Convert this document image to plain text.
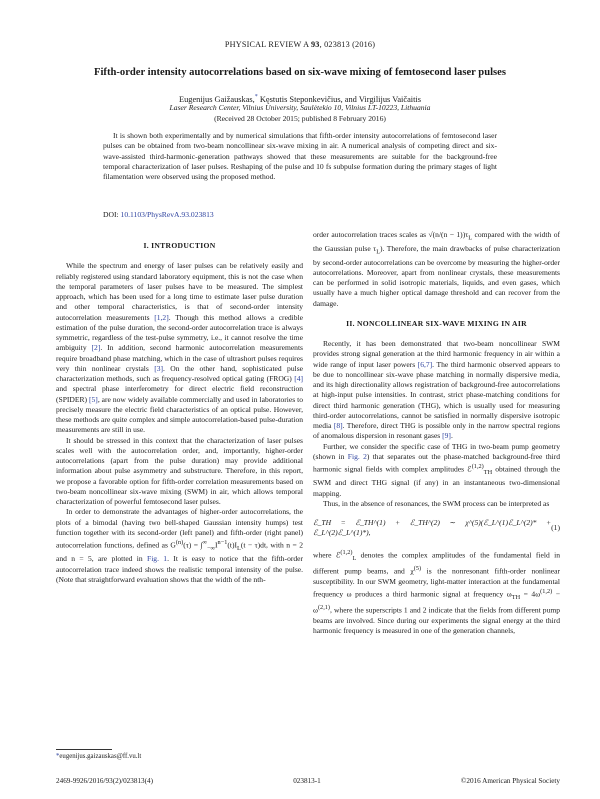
PHYSICAL REVIEW A 93, 023813 (2016)
Fifth-order intensity autocorrelations based on six-wave mixing of femtosecond laser pulses
Eugenijus Gaižauskas,* Kęstutis Steponkevičius, and Virgilijus Vaičaitis
Laser Research Center, Vilnius University, Saulėtekio 10, Vilnius LT-10223, Lithuania
(Received 28 October 2015; published 8 February 2016)

It is shown both experimentally and by numerical simulations that fifth-order intensity autocorrelations of femtosecond laser pulses can be obtained from two-beam noncollinear six-wave mixing in air. A numerical analysis of competing direct and six-wave-assisted third-harmonic-generation pathways showed that these measurements are suitable for the background-free temporal characterization of laser pulses. Reshaping of the pulse and 10 fs subpulse formation during the primary stages of light filamentation were observed using the proposed method.

DOI: 10.1103/PhysRevA.93.023813
I. INTRODUCTION

While the spectrum and energy of laser pulses can be relatively easily and reliably registered using standard laboratory equipment, this is not the case when the temporal parameters of laser pulses have to be measured. The simplest approach, which has been used for a long time to estimate laser pulse duration and other temporal characteristics, is that of second-order intensity autocorrelation measurements [1,2]. Though this method allows a credible estimation of the pulse duration, the second-order autocorrelation trace is always symmetric, regardless of the test-pulse symmetry, i.e., it cannot resolve the time ambiguity [2]. In addition, second harmonic autocorrelation measurements require broadband phase matching, which in the case of ultrashort pulses requires very thin nonlinear crystals [3]. On the other hand, sophisticated pulse characterization methods, such as frequency-resolved optical gating (FROG) [4] and spectral phase interferometry for direct electric field reconstruction (SPIDER) [5], are now widely available commercially and used in laboratories to precisely measure the electric field characteristics of an optical pulse. However, these methods are quite complex and simple autocorrelation-based pulse-duration measurements are still in use.

It should be stressed in this context that the characterization of laser pulses scales well with the autocorrelation order, and, importantly, higher-order autocorrelations (apart from the pulse duration) may provide additional information about pulse asymmetry and substructure. Therefore, in this report, we propose a favorable option for fifth-order correlation measurements based on two-beam noncollinear six-wave mixing (SWM) in air, which allows temporal characterization of powerful femtosecond laser pulses.

In order to demonstrate the advantages of higher-order autocorrelations, the plots of a bimodal (having two bell-shaped Gaussian intensity humps) test function together with its second-order (left panel) and fifth-order (right panel) autocorrelation functions, defined as $G^{(n)}(\tau) = \int^\infty_{-\infty}I^{n-1}(t)I_L(t - \tau)dt$, with n = 2 and n = 5, are plotted in Fig. 1. It is easy to notice that the fifth-order autocorrelation trace indeed shows the realistic temporal intensity of the pulse. (Note that straightforward evaluation shows that the width of the nth-

order autocorrelation traces scales as $√(n/(n - 1))\tau_L$ compared with the width of the Gaussian pulse $\tau_L$). Therefore, the main drawbacks of pulse characterization by second-order autocorrelations can be overcome by measuring the higher-order autocorrelations. Moreover, apart from nonlinear crystals, these measurements can be performed in solid isotropic materials, liquids, and even gases, which usually have a much higher optical damage threshold and can recover from the damage.

II. NONCOLLINEAR SIX-WAVE MIXING IN AIR

Recently, it has been demonstrated that two-beam noncollinear SWM provides strong signal generation at the third harmonic frequency in air within a wide range of input laser powers [6,7]. The third harmonic observed appears to be due to noncollinear six-wave phase matching in normally dispersive media, and its high directionality allows registration of background-free autocorrelations at high-input pulse intensities. In contrast, strict phase-matching conditions for direct third harmonic generation (THG), which is usually used for measuring third-order autocorrelations, cannot be satisfied in normally dispersive isotropic media [8]. Therefore, direct THG is possible only in the narrow spectral regions of anomalous dispersion in resonant gases [9].

Further, we consider the specific case of THG in two-beam pump geometry (shown in Fig. 2) that separates out the phase-matched background-free third harmonic signal fields with complex amplitudes ℰ$^{(1,2)}_{TH}$ obtained through the SWM and direct THG signal (if any) in an instantaneous two-dimensional mapping.

Thus, in the absence of resonances, the SWM process can be interpreted as

ℰ_TH = ℰ_TH^(1) + ℰ_TH^(2) ∼ χ^(5)(ℰ_L^(1)ℰ_L^(2)* + ℰ_L^(2)ℰ_L^(1)*),
(1)

where ℰ$^{(1,2)}_L$ denotes the complex amplitudes of the fundamental field in different pump beams, and $\chi^{(5)}$ is the nonresonant fifth-order nonlinear susceptibility. In our SWM geometry, light-matter interaction at the fundamental frequency ω produces a third harmonic signal at frequency $\omega_{TH} = 4\omega^{(1,2)} - \omega^{(2,1)}$, where the superscripts 1 and 2 indicate that the fields from different pump beams are involved. Since during our experiments the signal energy at the third harmonic frequency is measured in one of the generation channels,

*eugenijus.gaizauskas@ff.vu.lt
2469-9926/2016/93(2)/023813(4)	023813-1	©2016 American Physical Society
